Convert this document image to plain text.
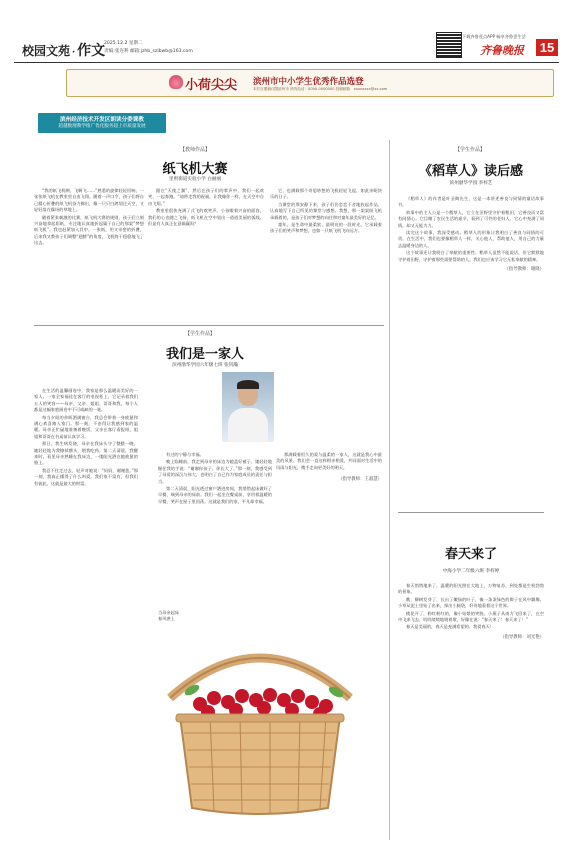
校园文苑 · 作文
2025.12.2 星期二
责编:张连利 邮箱:jzhb_szlbwb@163.com
下载齐鲁壹点APP 畅享齐鲁壹生活
齐鲁晚报 15
小荷尖尖 滨州市中小学生优秀作品选登
本栏目邀稿仅限滨州市 热线电话：0000-0000000 投稿邮箱：xxxxxxxx@xx.com
滨州经济技术开发区朗读分委课教
超越数理教学推广优化服务超上市质量发展
【教师作品】
纸飞机大赛
里则街道实验小学 白丽丽

“我的纸飞机啊，飞啊飞……”熟悉的旋律轻轻回响，一张张纸飞机在教室里自由飞翔。随着一声口令，孩子们将自己精心折叠的纸飞机奋力掷出，像一只只白鸽划过天空，又轻轻落在操场的草地上。

随着紧张刺激的比赛，纸飞机大赛的规则，孩子们立刻兴奋地拿起彩纸，专注地认真地折起属于自己的那架“梦想纸飞机”。我也赶紧加入其中。一张纸，用又亲密的折叠，后来我又教孩子们调整“翅膀”的角度，飞机终于稳稳地飞了出去。

跟在“天使之翼”，然后在孩子们的掌声中，我们一起欢笑、一起奔跑。“请带走我的祝福，让我像你一样，在天空中自由飞翔。”

教室里很快充满了式飞的欢笑声。小孩嗷着兴奋的面容，我们的心也随之飞扬，纸飞机在空中划出一道道美丽的弧线。但是有人真正在意输赢吗？

它，也满载那个奇思妙想的飞机轻轻飞起，如此亲昵快乐的日子。

当课堂的那安静下来，孩子们仍恋恋不舍地收起作品，认真地写下自己所见的课堂与感想。我想，那一架架纸飞机承载着的，是孩子们对梦想的向往和对童年最美好的记忆。

童年，是生命中最柔软、最明亮的一段时光。它承载着孩子们的笑声和梦想，也如一只纸飞机飞向远方。

【学生作品】
我们是一家人
滨州渤华学园六年级七班 张钊瀚

在生活的温馨画卷中，我家是那么温暖而美好的一家人。一家全家福挂在客厅的电视柜上，它记录着我们五人的笑容——母亲、父亲、姐姐、哥哥和我。每个人都是这幅家庭画卷中不可或缺的一笔。

每当夕阳的余晖洒满窗台，我总会带着一身疲惫和满心欢喜踏入家门。那一刻，不由得让我感到家的温暖。母亲正忙碌地准备着晚饭，父亲在客厅看报纸，姐姐和哥哥在书桌前认真学习。

那日，我生病发烧，母亲在我床头守了整整一晚，她轻轻地为我擦拭额头，喂我吃药。第二天清晨，我醒来时，看见母亲熟睡在我床边，一缕阳光洒在她疲惫的脸上。

我忍不住走过去，轻声对她说：“妈妈，谢谢您。”那一刻，我真正懂得了什么叫爱。我们家不富有，但我们有彼此，这就是最大的财富。

有过的宁静与幸福。

晚上临睡前，我走到母亲的床边为她盖好被子。她轻轻地握住我的手说：“谢谢你孩子，你长大了。”那一刻，我感受到了母爱的深沉与伟大，也明白了自己作为家庭成员的责任与担当。

第二天清晨，阳光透过窗户洒进房间，我悄悄起床做好了早餐，端到母亲的床前。我们一起坐在餐桌前，享用着温暖的早餐，笑声在屋子里回荡。这就是我们的家，平凡却幸福。

那满载着恒久的爱与温柔的一家人，这就是我心中最美的风景。我们会一直这样相亲相爱，共同面对生活中的风雨与阳光，携手走向更美好的明天。

（指导教师：王淑慧）
当母亲起床
春风袭上
【学生作品】
《稻草人》读后感
滨州渤华学园 李梓艺

《稻草人》的作者是叶圣陶先生，这是一本讲述善良与同情的童话故事书。

故事中的主人公是一个稻草人，它立在田野里守护着稻田，它善良而又富有同情心。它目睹了农民生活的艰辛，看到了可怜的老妇人，它心中充满了同情，却又无能为力。

读完这个故事，我深受感动。稻草人的形象让我明白了善良与同情的可贵。在生活中，我们也要像稻草人一样，关心他人，帮助他人，用自己的力量去温暖身边的人。

这个故事还让我明白了奉献的重要性。稻草人虽然不能说话，但它默默地守护着田野，守护着那些需要帮助的人。我们也应该学习它无私奉献的精神。

（指导教师：谢晓）
春天来了
中海小学二年级六班 李梓婷

春天悄悄地来了，温暖的阳光照在大地上，万物复苏，到处都是生机勃勃的景象。

瞧，柳树发芽了，长出了嫩绿的叶子，像一条条绿色的辫子在风中飘舞。小草从泥土里钻了出来，探出小脑袋，好奇地看着这个世界。

桃花开了，粉红粉红的，像小姑娘的笑脸。小燕子从南方飞回来了，在空中飞来飞去，叽叽喳喳地唱着歌，好像在说：“春天来了！春天来了！”

春天是美丽的，春天是充满希望的。我爱春天！

（指导教师：刘光艳）
